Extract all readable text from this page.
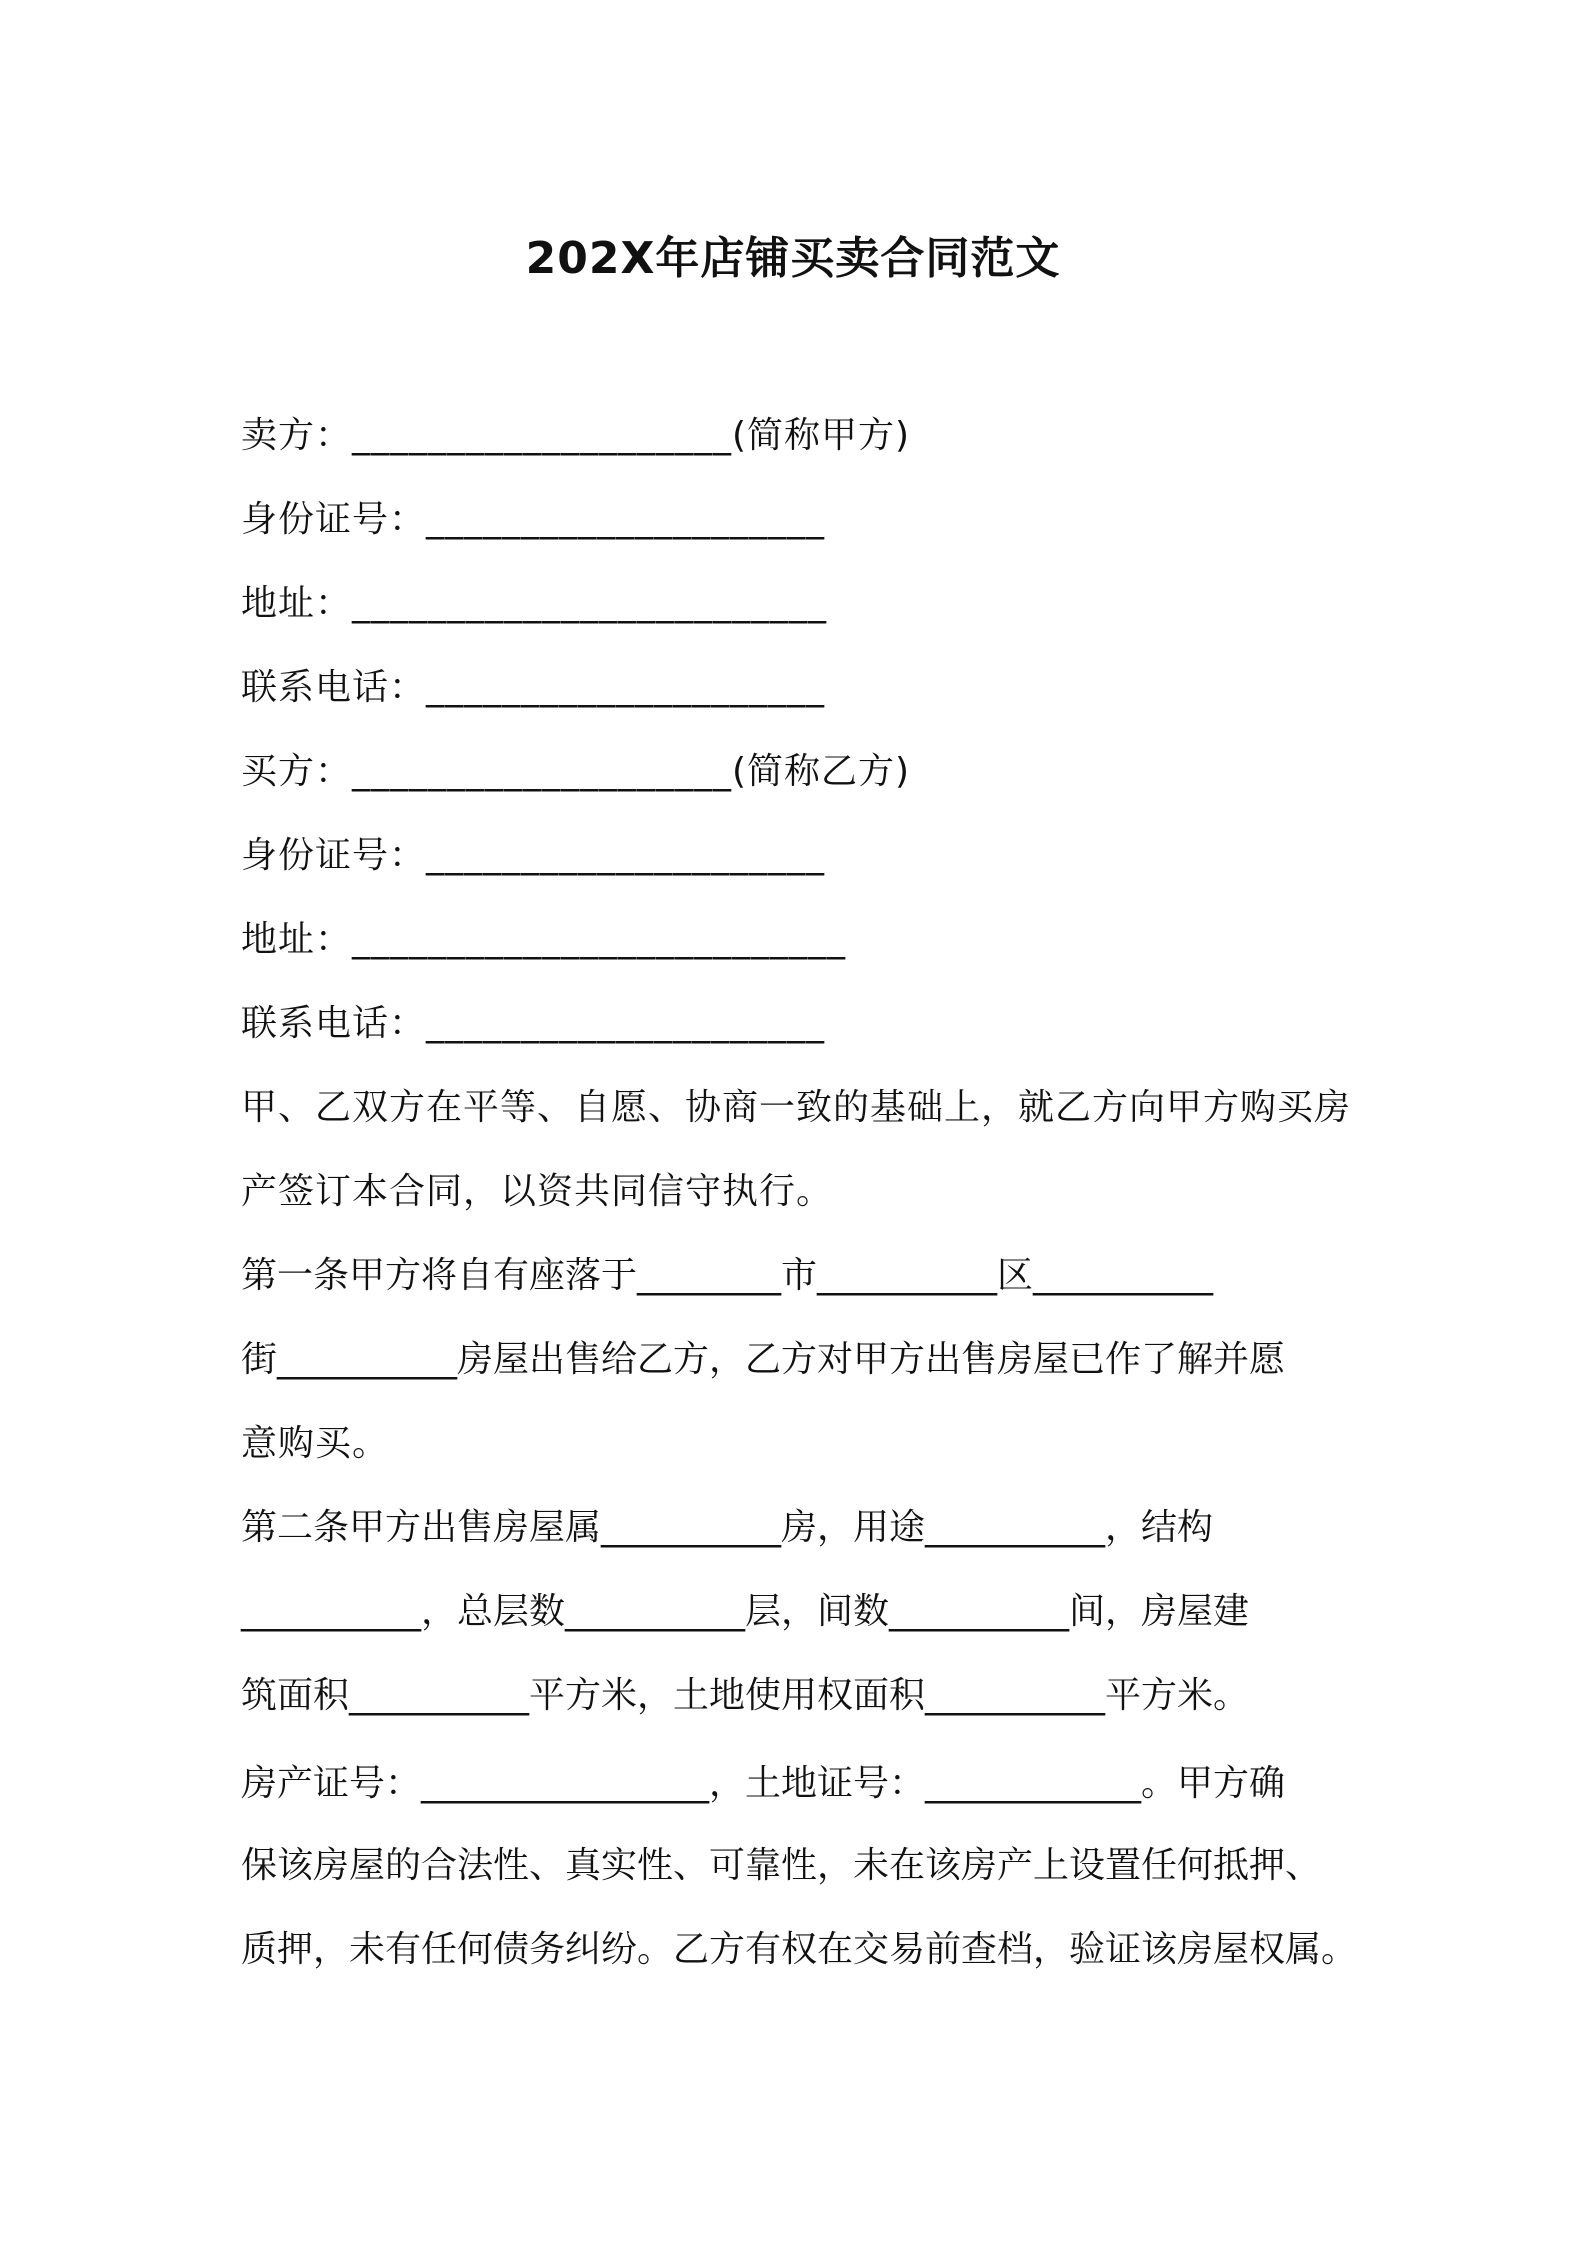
202X年店铺买卖合同范文
卖方：____________________(简称甲方)
身份证号：_____________________
地址：_________________________
联系电话：_____________________
买方：____________________(简称乙方)
身份证号：_____________________
地址：__________________________
联系电话：_____________________
甲、乙双方在平等、自愿、协商一致的基础上，就乙方向甲方购买房
产签订本合同，以资共同信守执行。
第一条甲方将自有座落于________市__________区__________
街__________房屋出售给乙方，乙方对甲方出售房屋已作了解并愿
意购买。
第二条甲方出售房屋属__________房，用途__________，结构
__________，总层数__________层，间数__________间，房屋建
筑面积__________平方米，土地使用权面积__________平方米。
房产证号：________________，土地证号：____________。甲方确
保该房屋的合法性、真实性、可靠性，未在该房产上设置任何抵押、
质押，未有任何债务纠纷。乙方有权在交易前查档，验证该房屋权属。
